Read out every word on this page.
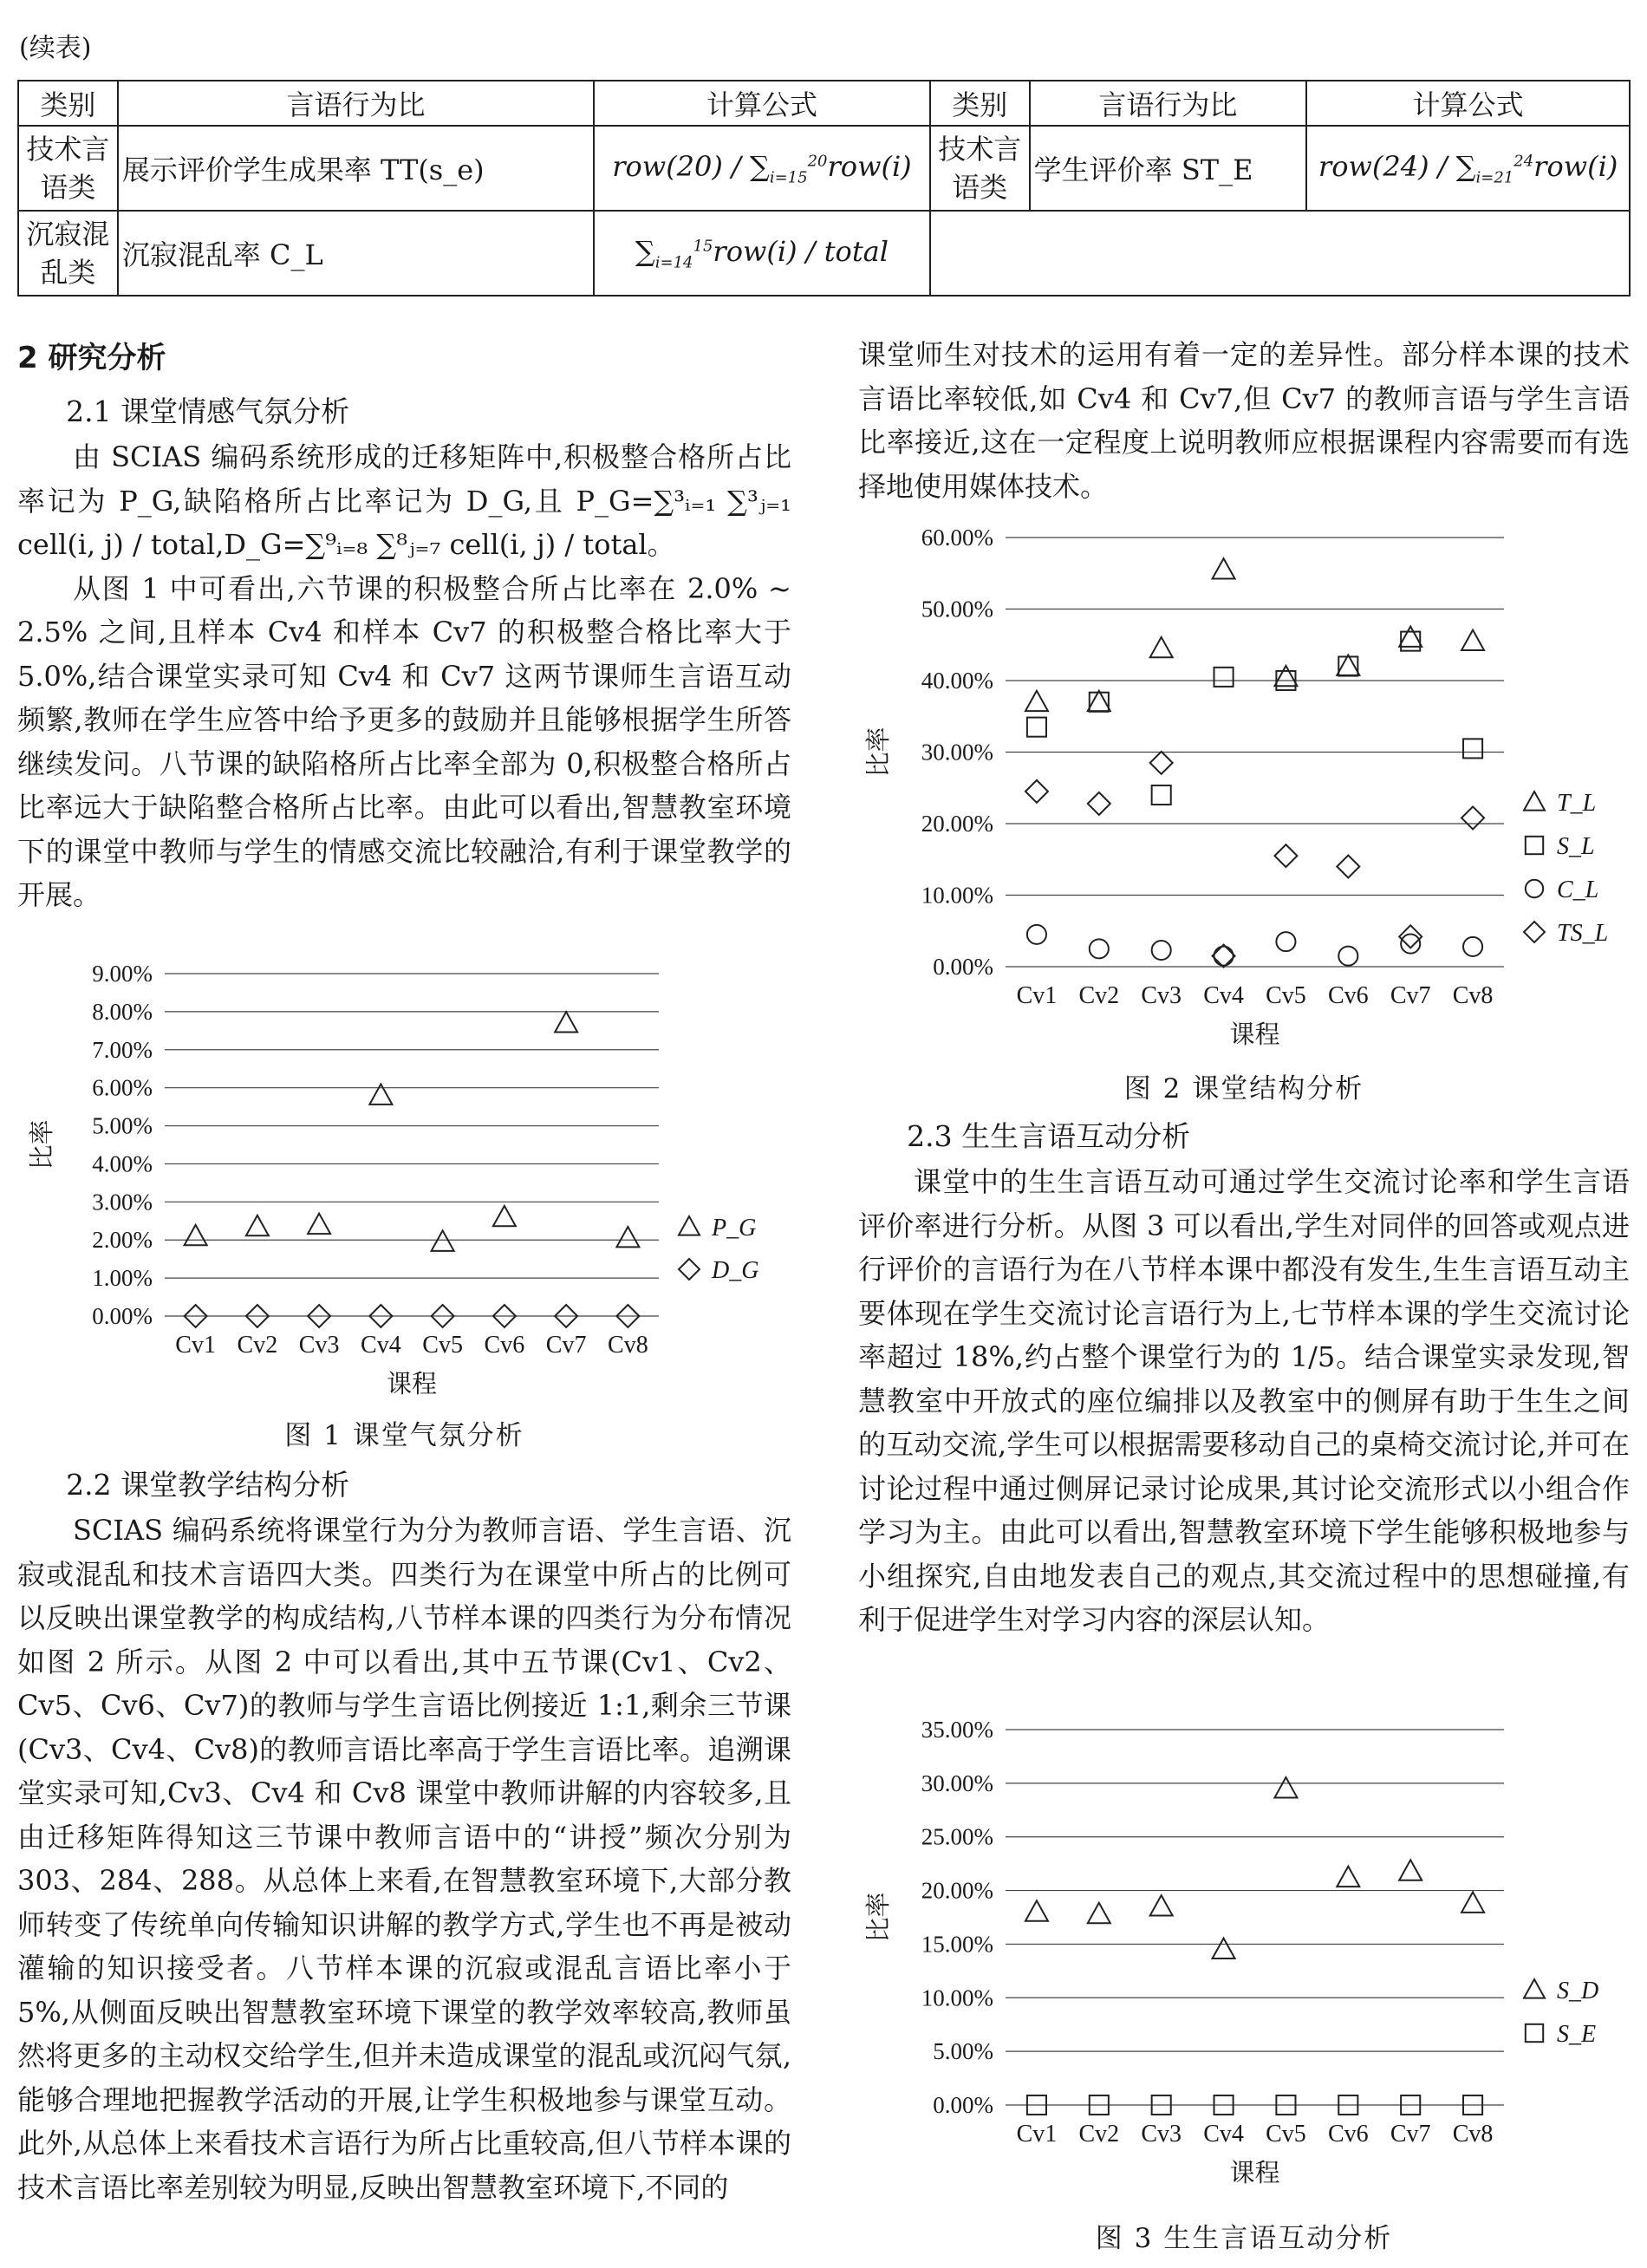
(续表)
类别	言语行为比	计算公式	类别	言语行为比	计算公式
技术言语类	展示评价学生成果率 TT(s_e)	$row(20) / \sum_{i=15}^{20}row(i)$	技术言语类	学生评价率 ST_E	$row(24) / \sum_{i=21}^{24}row(i)$
沉寂混乱类	沉寂混乱率 C_L	$\sum_{i=14}^{15}row(i)$ / total			

2 研究分析

2.1 课堂情感气氛分析

由 SCIAS 编码系统形成的迁移矩阵中,积极整合格所占比率记为 P_G,缺陷格所占比率记为 D_G,且 P_G=∑³ᵢ₌₁ ∑³ⱼ₌₁ cell(i, j) / total,D_G=∑⁹ᵢ₌₈ ∑⁸ⱼ₌₇ cell(i, j) / total。

从图 1 中可看出,六节课的积极整合所占比率在 2.0% ~ 2.5% 之间,且样本 Cv4 和样本 Cv7 的积极整合格比率大于 5.0%,结合课堂实录可知 Cv4 和 Cv7 这两节课师生言语互动频繁,教师在学生应答中给予更多的鼓励并且能够根据学生所答继续发问。八节课的缺陷格所占比率全部为 0,积极整合格所占比率远大于缺陷整合格所占比率。由此可以看出,智慧教室环境下的课堂中教师与学生的情感交流比较融洽,有利于课堂教学的开展。

0.00%
1.00%
2.00%
3.00%
4.00%
5.00%
6.00%
7.00%
8.00%
9.00%
Cv1 Cv2 Cv3 Cv4 Cv5 Cv6 Cv7 Cv8
课程
比率
P_G
D_G
图 1 课堂气氛分析

2.2 课堂教学结构分析

SCIAS 编码系统将课堂行为分为教师言语、学生言语、沉寂或混乱和技术言语四大类。四类行为在课堂中所占的比例可以反映出课堂教学的构成结构,八节样本课的四类行为分布情况如图 2 所示。从图 2 中可以看出,其中五节课(Cv1、Cv2、Cv5、Cv6、Cv7)的教师与学生言语比例接近 1:1,剩余三节课(Cv3、Cv4、Cv8)的教师言语比率高于学生言语比率。追溯课堂实录可知,Cv3、Cv4 和 Cv8 课堂中教师讲解的内容较多,且由迁移矩阵得知这三节课中教师言语中的“讲授”频次分别为 303、284、288。从总体上来看,在智慧教室环境下,大部分教师转变了传统单向传输知识讲解的教学方式,学生也不再是被动灌输的知识接受者。八节样本课的沉寂或混乱言语比率小于 5%,从侧面反映出智慧教室环境下课堂的教学效率较高,教师虽然将更多的主动权交给学生,但并未造成课堂的混乱或沉闷气氛,能够合理地把握教学活动的开展,让学生积极地参与课堂互动。此外,从总体上来看技术言语行为所占比重较高,但八节样本课的技术言语比率差别较为明显,反映出智慧教室环境下,不同的

课堂师生对技术的运用有着一定的差异性。部分样本课的技术言语比率较低,如 Cv4 和 Cv7,但 Cv7 的教师言语与学生言语比率接近,这在一定程度上说明教师应根据课程内容需要而有选择地使用媒体技术。

0.00%
10.00%
20.00%
30.00%
40.00%
50.00%
60.00%
Cv1 Cv2 Cv3 Cv4 Cv5 Cv6 Cv7 Cv8
课程
比率
T_L
S_L
C_L
TS_L
图 2 课堂结构分析

2.3 生生言语互动分析

课堂中的生生言语互动可通过学生交流讨论率和学生言语评价率进行分析。从图 3 可以看出,学生对同伴的回答或观点进行评价的言语行为在八节样本课中都没有发生,生生言语互动主要体现在学生交流讨论言语行为上,七节样本课的学生交流讨论率超过 18%,约占整个课堂行为的 1/5。结合课堂实录发现,智慧教室中开放式的座位编排以及教室中的侧屏有助于生生之间的互动交流,学生可以根据需要移动自己的桌椅交流讨论,并可在讨论过程中通过侧屏记录讨论成果,其讨论交流形式以小组合作学习为主。由此可以看出,智慧教室环境下学生能够积极地参与小组探究,自由地发表自己的观点,其交流过程中的思想碰撞,有利于促进学生对学习内容的深层认知。

0.00%
5.00%
10.00%
15.00%
20.00%
25.00%
30.00%
35.00%
Cv1 Cv2 Cv3 Cv4 Cv5 Cv6 Cv7 Cv8
课程
比率
S_D
S_E
图 3 生生言语互动分析
